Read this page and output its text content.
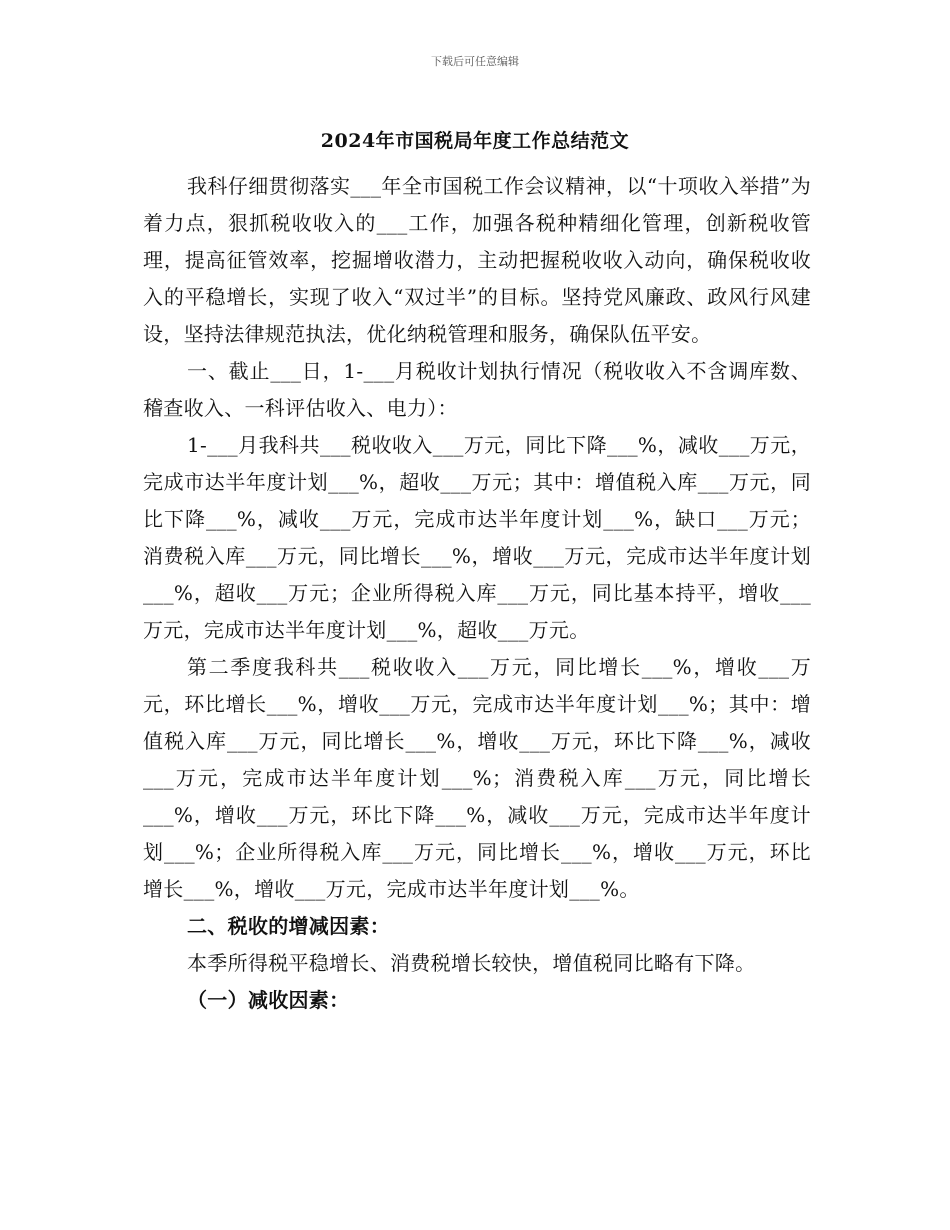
下载后可任意编辑
2024年市国税局年度工作总结范文

我科仔细贯彻落实___年全市国税工作会议精神，以“十项收入举措”为着力点，狠抓税收收入的___工作，加强各税种精细化管理，创新税收管理，提高征管效率，挖掘增收潜力，主动把握税收收入动向，确保税收收入的平稳增长，实现了收入“双过半”的目标。坚持党风廉政、政风行风建设，坚持法律规范执法，优化纳税管理和服务，确保队伍平安。

一、截止___日，1-___月税收计划执行情况（税收收入不含调库数、稽查收入、一科评估收入、电力）：

1-___月我科共___税收收入___万元，同比下降___%，减收___万元，完成市达半年度计划___%，超收___万元；其中：增值税入库___万元，同比下降___%，减收___万元，完成市达半年度计划___%，缺口___万元；消费税入库___万元，同比增长___%，增收___万元，完成市达半年度计划___%，超收___万元；企业所得税入库___万元，同比基本持平，增收___万元，完成市达半年度计划___%，超收___万元。

第二季度我科共___税收收入___万元，同比增长___%，增收___万元，环比增长___%，增收___万元，完成市达半年度计划___%；其中：增值税入库___万元，同比增长___%，增收___万元，环比下降___%，减收___万元，完成市达半年度计划___%；消费税入库___万元，同比增长___%，增收___万元，环比下降___%，减收___万元，完成市达半年度计划___%；企业所得税入库___万元，同比增长___%，增收___万元，环比增长___%，增收___万元，完成市达半年度计划___%。

二、税收的增减因素：

本季所得税平稳增长、消费税增长较快，增值税同比略有下降。

（一）减收因素：
